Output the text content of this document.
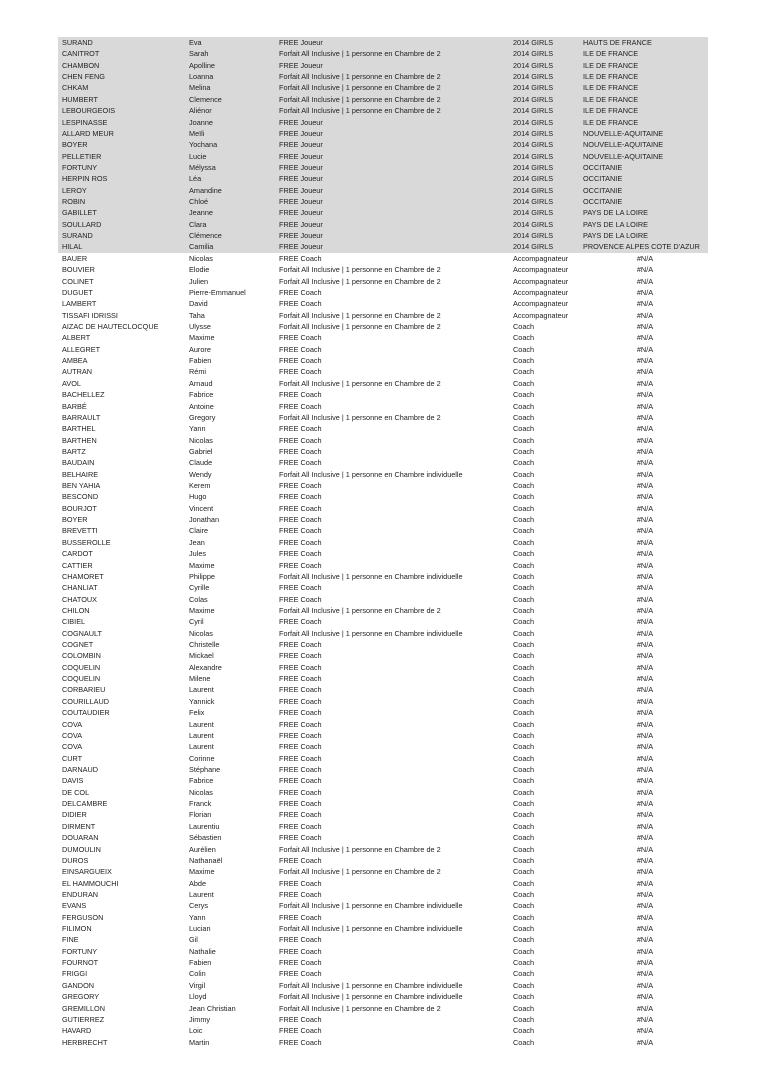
SURAND	Eva	FREE Joueur	2014 GIRLS	HAUTS DE FRANCE
CANITROT	Sarah	Forfait All Inclusive | 1 personne en Chambre de 2	2014 GIRLS	ILE DE FRANCE
CHAMBON	Apolline	FREE Joueur	2014 GIRLS	ILE DE FRANCE
CHEN FENG	Loanna	Forfait All Inclusive | 1 personne en Chambre de 2	2014 GIRLS	ILE DE FRANCE
CHKAM	Melina	Forfait All Inclusive | 1 personne en Chambre de 2	2014 GIRLS	ILE DE FRANCE
HUMBERT	Clemence	Forfait All Inclusive | 1 personne en Chambre de 2	2014 GIRLS	ILE DE FRANCE
LEBOURGEOIS	Aliénor	Forfait All Inclusive | 1 personne en Chambre de 2	2014 GIRLS	ILE DE FRANCE
LESPINASSE	Joanne	FREE Joueur	2014 GIRLS	ILE DE FRANCE
ALLARD MEUR	Meïli	FREE Joueur	2014 GIRLS	NOUVELLE-AQUITAINE
BOYER	Yochana	FREE Joueur	2014 GIRLS	NOUVELLE-AQUITAINE
PELLETIER	Lucie	FREE Joueur	2014 GIRLS	NOUVELLE-AQUITAINE
FORTUNY	Mélyssa	FREE Joueur	2014 GIRLS	OCCITANIE
HERPIN ROS	Léa	FREE Joueur	2014 GIRLS	OCCITANIE
LEROY	Amandine	FREE Joueur	2014 GIRLS	OCCITANIE
ROBIN	Chloé	FREE Joueur	2014 GIRLS	OCCITANIE
GABILLET	Jeanne	FREE Joueur	2014 GIRLS	PAYS DE LA LOIRE
SOULLARD	Clara	FREE Joueur	2014 GIRLS	PAYS DE LA LOIRE
SURAND	Clémence	FREE Joueur	2014 GIRLS	PAYS DE LA LOIRE
HILAL	Camilia	FREE Joueur	2014 GIRLS	PROVENCE ALPES COTE D'AZUR
BAUER	Nicolas	FREE Coach	Accompagnateur	#N/A
BOUVIER	Elodie	Forfait All Inclusive | 1 personne en Chambre de 2	Accompagnateur	#N/A
COLINET	Julien	Forfait All Inclusive | 1 personne en Chambre de 2	Accompagnateur	#N/A
DUGUET	Pierre-Emmanuel	FREE Coach	Accompagnateur	#N/A
LAMBERT	David	FREE Coach	Accompagnateur	#N/A
TISSAFI IDRISSI	Taha	Forfait All Inclusive | 1 personne en Chambre de 2	Accompagnateur	#N/A
AIZAC DE HAUTECLOCQUE	Ulysse	Forfait All Inclusive | 1 personne en Chambre de 2	Coach	#N/A
ALBERT	Maxime	FREE Coach	Coach	#N/A
ALLEGRET	Aurore	FREE Coach	Coach	#N/A
AMBEA	Fabien	FREE Coach	Coach	#N/A
AUTRAN	Rémi	FREE Coach	Coach	#N/A
AVOL	Arnaud	Forfait All Inclusive | 1 personne en Chambre de 2	Coach	#N/A
BACHELLEZ	Fabrice	FREE Coach	Coach	#N/A
BARBÉ	Antoine	FREE Coach	Coach	#N/A
BARRAULT	Gregory	Forfait All Inclusive | 1 personne en Chambre de 2	Coach	#N/A
BARTHEL	Yann	FREE Coach	Coach	#N/A
BARTHEN	Nicolas	FREE Coach	Coach	#N/A
BARTZ	Gabriel	FREE Coach	Coach	#N/A
BAUDAIN	Claude	FREE Coach	Coach	#N/A
BELHAIRE	Wendy	Forfait All Inclusive | 1 personne en Chambre individuelle	Coach	#N/A
BEN YAHIA	Kerem	FREE Coach	Coach	#N/A
BESCOND	Hugo	FREE Coach	Coach	#N/A
BOURJOT	Vincent	FREE Coach	Coach	#N/A
BOYER	Jonathan	FREE Coach	Coach	#N/A
BREVETTI	Claire	FREE Coach	Coach	#N/A
BUSSEROLLE	Jean	FREE Coach	Coach	#N/A
CARDOT	Jules	FREE Coach	Coach	#N/A
CATTIER	Maxime	FREE Coach	Coach	#N/A
CHAMORET	Philippe	Forfait All Inclusive | 1 personne en Chambre individuelle	Coach	#N/A
CHANLIAT	Cyrille	FREE Coach	Coach	#N/A
CHATOUX	Colas	FREE Coach	Coach	#N/A
CHILON	Maxime	Forfait All Inclusive | 1 personne en Chambre de 2	Coach	#N/A
CIBIEL	Cyril	FREE Coach	Coach	#N/A
COGNAULT	Nicolas	Forfait All Inclusive | 1 personne en Chambre individuelle	Coach	#N/A
COGNET	Christelle	FREE Coach	Coach	#N/A
COLOMBIN	Mickael	FREE Coach	Coach	#N/A
COQUELIN	Alexandre	FREE Coach	Coach	#N/A
COQUELIN	Milene	FREE Coach	Coach	#N/A
CORBARIEU	Laurent	FREE Coach	Coach	#N/A
COURILLAUD	Yannick	FREE Coach	Coach	#N/A
COUTAUDIER	Felix	FREE Coach	Coach	#N/A
COVA	Laurent	FREE Coach	Coach	#N/A
COVA	Laurent	FREE Coach	Coach	#N/A
COVA	Laurent	FREE Coach	Coach	#N/A
CURT	Corinne	FREE Coach	Coach	#N/A
DARNAUD	Stéphane	FREE Coach	Coach	#N/A
DAVIS	Fabrice	FREE Coach	Coach	#N/A
DE COL	Nicolas	FREE Coach	Coach	#N/A
DELCAMBRE	Franck	FREE Coach	Coach	#N/A
DIDIER	Florian	FREE Coach	Coach	#N/A
DIRMENT	Laurentiu	FREE Coach	Coach	#N/A
DOUARAN	Sébastien	FREE Coach	Coach	#N/A
DUMOULIN	Aurélien	Forfait All Inclusive | 1 personne en Chambre de 2	Coach	#N/A
DUROS	Nathanaël	FREE Coach	Coach	#N/A
EINSARGUEIX	Maxime	Forfait All Inclusive | 1 personne en Chambre de 2	Coach	#N/A
EL HAMMOUCHI	Abde	FREE Coach	Coach	#N/A
ENDURAN	Laurent	FREE Coach	Coach	#N/A
EVANS	Cerys	Forfait All Inclusive | 1 personne en Chambre individuelle	Coach	#N/A
FERGUSON	Yann	FREE Coach	Coach	#N/A
FILIMON	Lucian	Forfait All Inclusive | 1 personne en Chambre individuelle	Coach	#N/A
FINE	Gil	FREE Coach	Coach	#N/A
FORTUNY	Nathalie	FREE Coach	Coach	#N/A
FOURNOT	Fabien	FREE Coach	Coach	#N/A
FRIGGI	Colin	FREE Coach	Coach	#N/A
GANDON	Virgil	Forfait All Inclusive | 1 personne en Chambre individuelle	Coach	#N/A
GREGORY	Lloyd	Forfait All Inclusive | 1 personne en Chambre individuelle	Coach	#N/A
GREMILLON	Jean Christian	Forfait All Inclusive | 1 personne en Chambre de 2	Coach	#N/A
GUTIERREZ	Jimmy	FREE Coach	Coach	#N/A
HAVARD	Loic	FREE Coach	Coach	#N/A
HERBRECHT	Martin	FREE Coach	Coach	#N/A
